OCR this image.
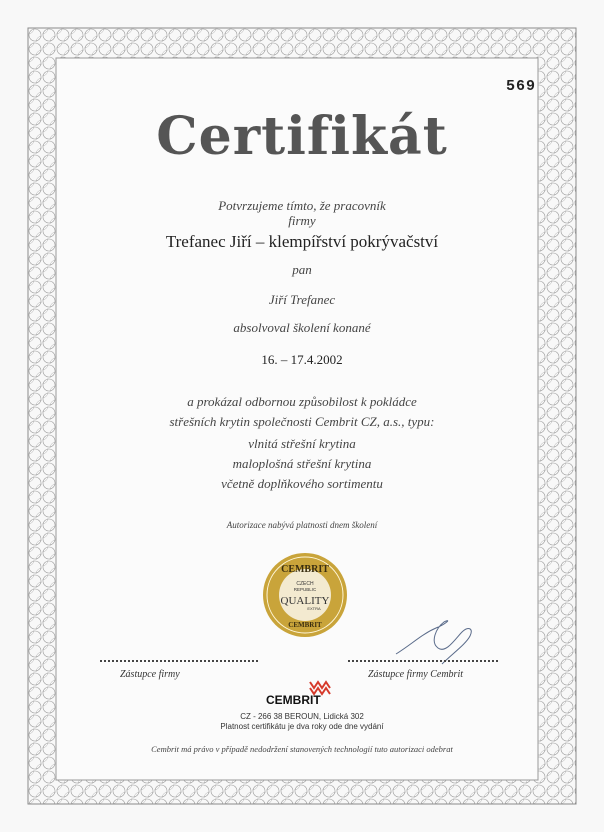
569
Certifikát
Potvrzujeme tímto, že pracovník
firmy
Trefanec Jiří – klempířství pokrývačství
pan
Jiří Trefanec
absolvoval školení konané
16. – 17.4.2002
a prokázal odbornou způsobilost k pokládce
střešních krytin společnosti Cembrit CZ, a.s., typu:
vlnitá střešní krytina
maloplošná střešní krytina
včetně doplňkového sortimentu
Autorizace nabývá platnosti dnem školení
CEMBRIT
CZECH
REPUBLIC
QUALITY
EXTRA
CEMBRIT
Zástupce firmy	Zástupce firmy Cembrit
CEMBRIT
CZ - 266 38 BEROUN, Lidická 302
Platnost certifikátu je dva roky ode dne vydání
Cembrit má právo v případě nedodržení stanovených technologií tuto autorizaci odebrat
